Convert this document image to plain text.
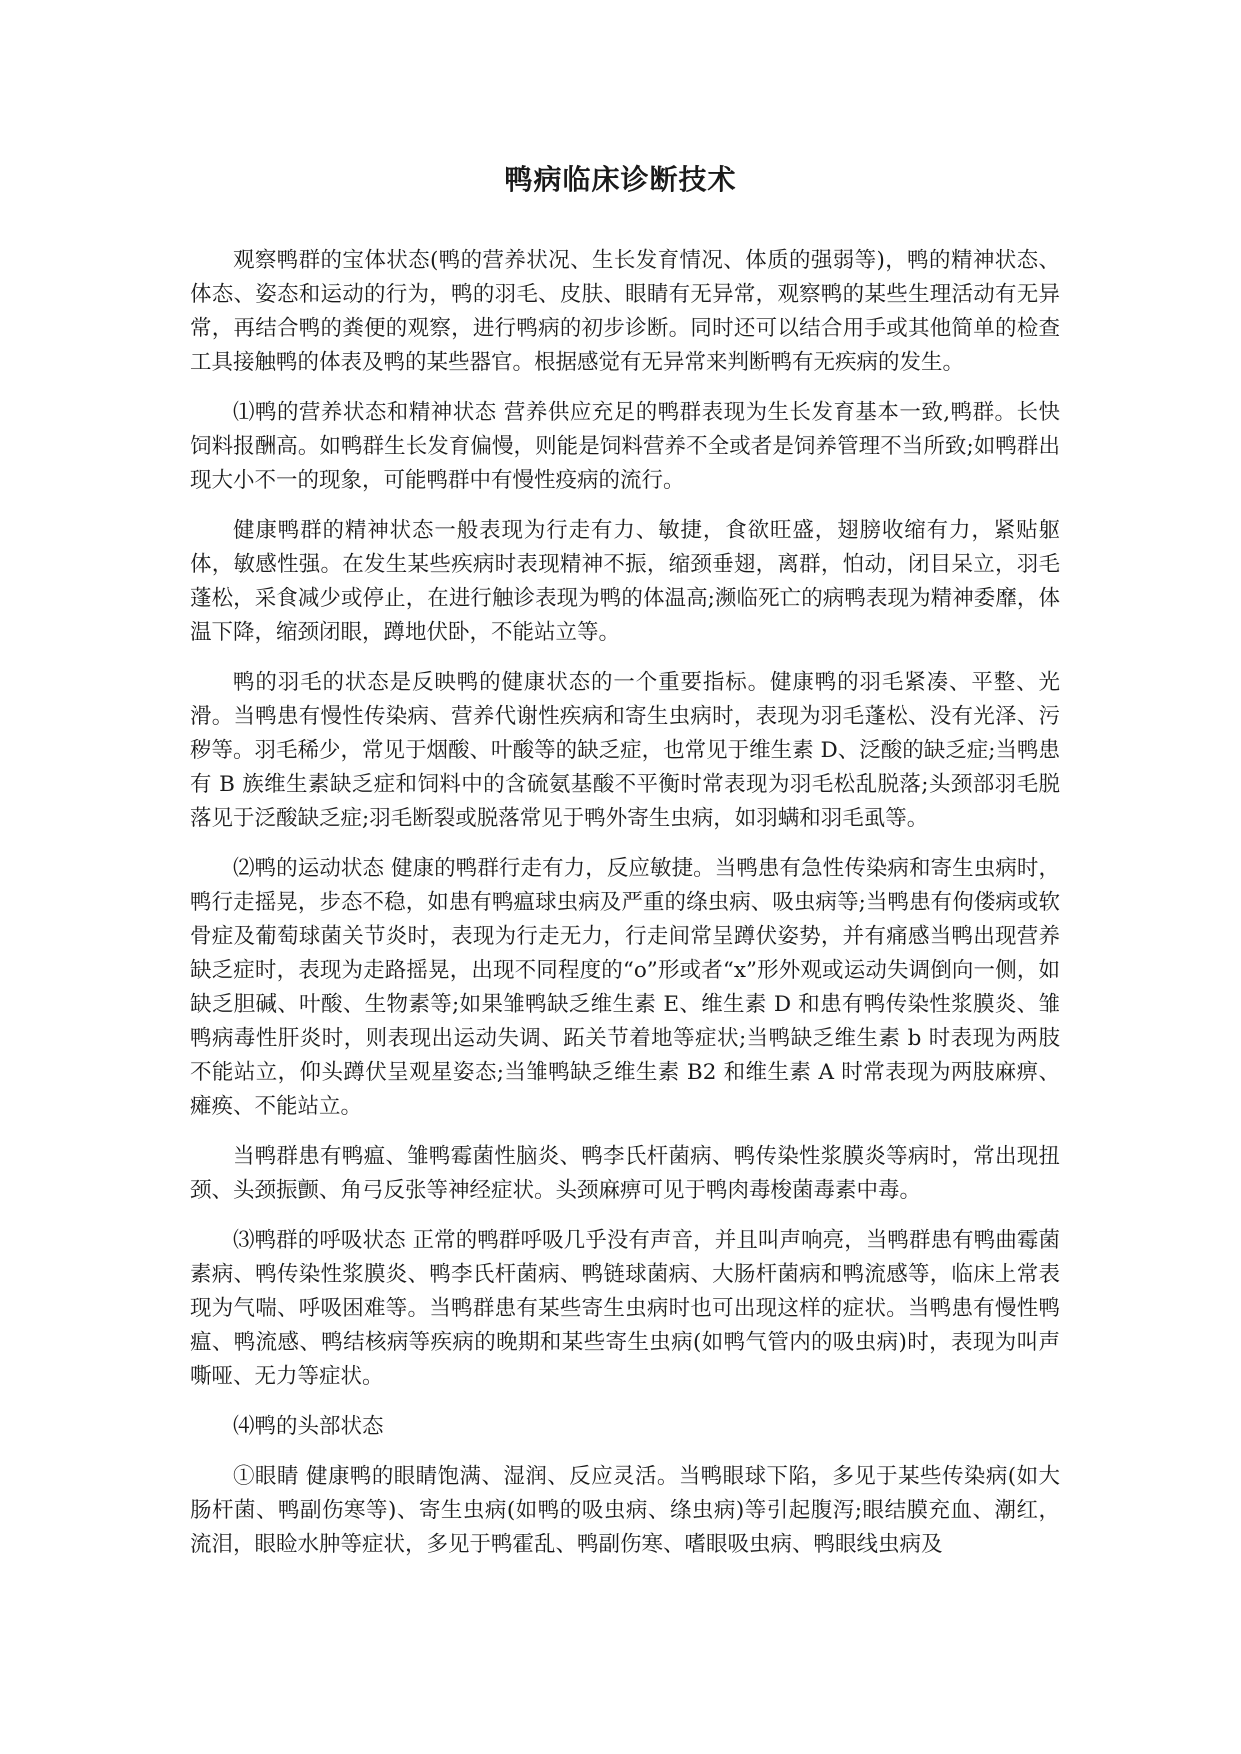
鸭病临床诊断技术

观察鸭群的宝体状态(鸭的营养状况、生长发育情况、体质的强弱等)，鸭的精神状态、体态、姿态和运动的行为，鸭的羽毛、皮肤、眼睛有无异常，观察鸭的某些生理活动有无异常，再结合鸭的粪便的观察，进行鸭病的初步诊断。同时还可以结合用手或其他简单的检查工具接触鸭的体表及鸭的某些器官。根据感觉有无异常来判断鸭有无疾病的发生。

⑴鸭的营养状态和精神状态 营养供应充足的鸭群表现为生长发育基本一致,鸭群。长快饲料报酬高。如鸭群生长发育偏慢，则能是饲料营养不全或者是饲养管理不当所致;如鸭群出现大小不一的现象，可能鸭群中有慢性疫病的流行。

健康鸭群的精神状态一般表现为行走有力、敏捷，食欲旺盛，翅膀收缩有力，紧贴躯体，敏感性强。在发生某些疾病时表现精神不振，缩颈垂翅，离群，怕动，闭目呆立，羽毛蓬松，采食减少或停止，在进行触诊表现为鸭的体温高;濒临死亡的病鸭表现为精神委靡，体温下降，缩颈闭眼，蹲地伏卧，不能站立等。

鸭的羽毛的状态是反映鸭的健康状态的一个重要指标。健康鸭的羽毛紧凑、平整、光滑。当鸭患有慢性传染病、营养代谢性疾病和寄生虫病时，表现为羽毛蓬松、没有光泽、污秽等。羽毛稀少，常见于烟酸、叶酸等的缺乏症，也常见于维生素 D、泛酸的缺乏症;当鸭患有 B 族维生素缺乏症和饲料中的含硫氨基酸不平衡时常表现为羽毛松乱脱落;头颈部羽毛脱落见于泛酸缺乏症;羽毛断裂或脱落常见于鸭外寄生虫病，如羽螨和羽毛虱等。

⑵鸭的运动状态 健康的鸭群行走有力，反应敏捷。当鸭患有急性传染病和寄生虫病时，鸭行走摇晃，步态不稳，如患有鸭瘟球虫病及严重的绦虫病、吸虫病等;当鸭患有佝偻病或软骨症及葡萄球菌关节炎时，表现为行走无力，行走间常呈蹲伏姿势，并有痛感当鸭出现营养缺乏症时，表现为走路摇晃，出现不同程度的“o”形或者“x”形外观或运动失调倒向一侧，如缺乏胆碱、叶酸、生物素等;如果雏鸭缺乏维生素 E、维生素 D 和患有鸭传染性浆膜炎、雏鸭病毒性肝炎时，则表现出运动失调、跖关节着地等症状;当鸭缺乏维生素 b 时表现为两肢不能站立，仰头蹲伏呈观星姿态;当雏鸭缺乏维生素 B2 和维生素 A 时常表现为两肢麻痹、瘫痪、不能站立。

当鸭群患有鸭瘟、雏鸭霉菌性脑炎、鸭李氏杆菌病、鸭传染性浆膜炎等病时，常出现扭颈、头颈振颤、角弓反张等神经症状。头颈麻痹可见于鸭肉毒梭菌毒素中毒。

⑶鸭群的呼吸状态 正常的鸭群呼吸几乎没有声音，并且叫声响亮，当鸭群患有鸭曲霉菌素病、鸭传染性浆膜炎、鸭李氏杆菌病、鸭链球菌病、大肠杆菌病和鸭流感等，临床上常表现为气喘、呼吸困难等。当鸭群患有某些寄生虫病时也可出现这样的症状。当鸭患有慢性鸭瘟、鸭流感、鸭结核病等疾病的晚期和某些寄生虫病(如鸭气管内的吸虫病)时，表现为叫声嘶哑、无力等症状。

⑷鸭的头部状态

①眼睛 健康鸭的眼睛饱满、湿润、反应灵活。当鸭眼球下陷，多见于某些传染病(如大肠杆菌、鸭副伤寒等)、寄生虫病(如鸭的吸虫病、绦虫病)等引起腹泻;眼结膜充血、潮红，流泪，眼睑水肿等症状，多见于鸭霍乱、鸭副伤寒、嗜眼吸虫病、鸭眼线虫病及
